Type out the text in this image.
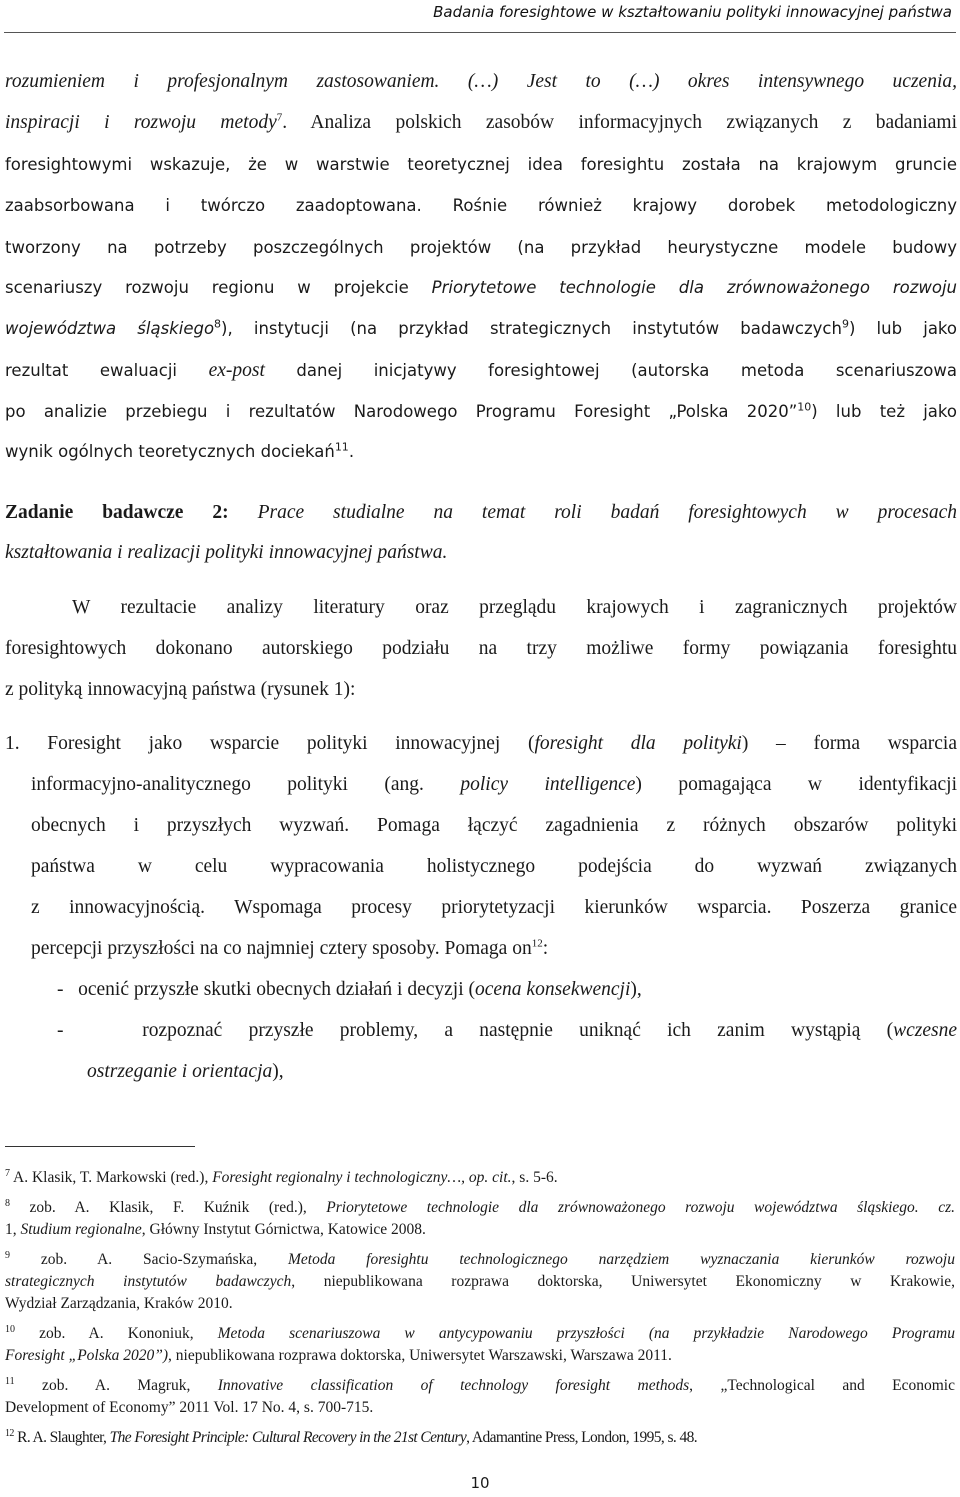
Badania foresightowe w kształtowaniu polityki innowacyjnej państwa
rozumieniem i profesjonalnym zastosowaniem. (…) Jest to (…) okres intensywnego uczenia,
inspiracji i rozwoju metody$^7$. Analiza polskich zasobów informacyjnych związanych z badaniami
foresightowymi wskazuje, że w warstwie teoretycznej idea foresightu została na krajowym gruncie
zaabsorbowana i twórczo zaadoptowana. Rośnie również krajowy dorobek metodologiczny
tworzony na potrzeby poszczególnych projektów (na przykład heurystyczne modele budowy
scenariuszy rozwoju regionu w projekcie Priorytetowe technologie dla zrównoważonego rozwoju
województwa śląskiego$^8$), instytucji (na przykład strategicznych instytutów badawczych$^9$) lub jako
rezultat ewaluacji ex-post danej inicjatywy foresightowej (autorska metoda scenariuszowa
po analizie przebiegu i rezultatów Narodowego Programu Foresight „Polska 2020”$^{10}$) lub też jako
wynik ogólnych teoretycznych dociekań$^{11}$.
Zadanie badawcze 2: Prace studialne na temat roli badań foresightowych w procesach
kształtowania i realizacji polityki innowacyjnej państwa.
W rezultacie analizy literatury oraz przeglądu krajowych i zagranicznych projektów
foresightowych dokonano autorskiego podziału na trzy możliwe formy powiązania foresightu
z polityką innowacyjną państwa (rysunek 1):
1. Foresight jako wsparcie polityki innowacyjnej (foresight dla polityki) – forma wsparcia
informacyjno-analitycznego polityki (ang. policy intelligence) pomagająca w identyfikacji
obecnych i przyszłych wyzwań. Pomaga łączyć zagadnienia z różnych obszarów polityki
państwa w celu wypracowania holistycznego podejścia do wyzwań związanych
z innowacyjnością. Wspomaga procesy priorytetyzacji kierunków wsparcia. Poszerza granice
percepcji przyszłości na co najmniej cztery sposoby. Pomaga $on^{12}$:
-   ocenić przyszłe skutki obecnych działań i decyzji (ocena konsekwencji),
-   rozpoznać przyszłe problemy, a następnie uniknąć ich zanim wystąpią (wczesne
ostrzeganie i orientacja),
$^7$ A. Klasik, T. Markowski (red.), Foresight regionalny i technologiczny…, op. cit., s. 5-6.
$^8$ zob. A. Klasik, F. Kuźnik (red.), Priorytetowe technologie dla zrównoważonego rozwoju województwa śląskiego. cz.
1, Studium regionalne, Główny Instytut Górnictwa, Katowice 2008.
$^9$ zob. A. Sacio-Szymańska, Metoda foresightu technologicznego narzędziem wyznaczania kierunków rozwoju
strategicznych instytutów badawczych, niepublikowana rozprawa doktorska, Uniwersytet Ekonomiczny w Krakowie,
Wydział Zarządzania, Kraków 2010.
$^{10}$ zob. A. Kononiuk, Metoda scenariuszowa w antycypowaniu przyszłości (na przykładzie Narodowego Programu
Foresight „Polska 2020”), niepublikowana rozprawa doktorska, Uniwersytet Warszawski, Warszawa 2011.
$^{11}$ zob. A. Magruk, Innovative classification of technology foresight methods, „Technological and Economic
Development of Economy” 2011 Vol. 17 No. 4, s. 700-715.
$^{12}$ R. A. Slaughter, The Foresight Principle: Cultural Recovery in the 21st Century, Adamantine Press, London, 1995, s. 48.
10
